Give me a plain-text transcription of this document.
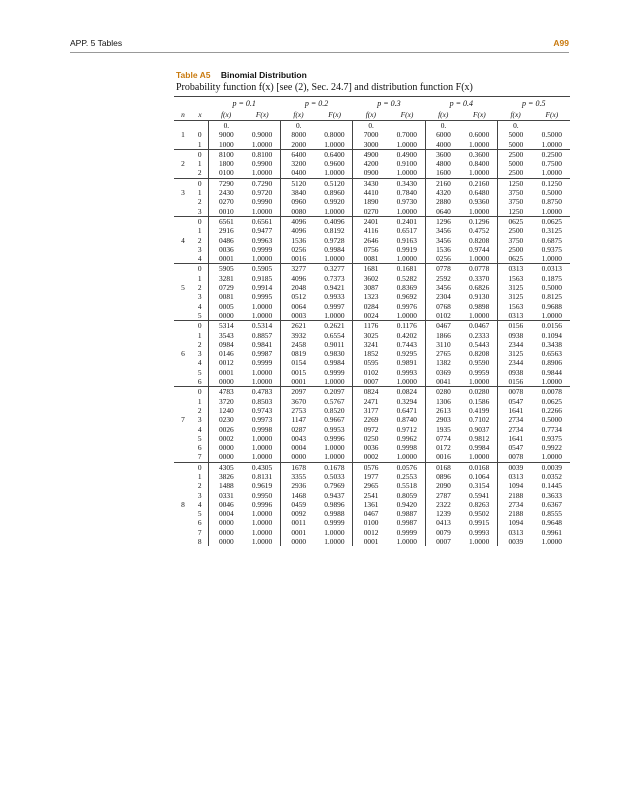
APP. 5 Tables	A99
Table A5 Binomial Distribution
Probability function f(x) [see (2), Sec. 24.7] and distribution function F(x)
		p = 0.1		p = 0.2		p = 0.3		p = 0.4		p = 0.5	
n	x	f(x)	F(x)	f(x)	F(x)	f(x)	F(x)	f(x)	F(x)	f(x)	F(x)
		0.		0.		0.		0.		0.	
1	0	9000	0.9000	8000	0.8000	7000	0.7000	6000	0.6000	5000	0.5000
	1	1000	1.0000	2000	1.0000	3000	1.0000	4000	1.0000	5000	1.0000
	0	8100	0.8100	6400	0.6400	4900	0.4900	3600	0.3600	2500	0.2500
2	1	1800	0.9900	3200	0.9600	4200	0.9100	4800	0.8400	5000	0.7500
	2	0100	1.0000	0400	1.0000	0900	1.0000	1600	1.0000	2500	1.0000
	0	7290	0.7290	5120	0.5120	3430	0.3430	2160	0.2160	1250	0.1250
3	1	2430	0.9720	3840	0.8960	4410	0.7840	4320	0.6480	3750	0.5000
	2	0270	0.9990	0960	0.9920	1890	0.9730	2880	0.9360	3750	0.8750
	3	0010	1.0000	0080	1.0000	0270	1.0000	0640	1.0000	1250	1.0000
	0	6561	0.6561	4096	0.4096	2401	0.2401	1296	0.1296	0625	0.0625
	1	2916	0.9477	4096	0.8192	4116	0.6517	3456	0.4752	2500	0.3125
4	2	0486	0.9963	1536	0.9728	2646	0.9163	3456	0.8208	3750	0.6875
	3	0036	0.9999	0256	0.9984	0756	0.9919	1536	0.9744	2500	0.9375
	4	0001	1.0000	0016	1.0000	0081	1.0000	0256	1.0000	0625	1.0000
	0	5905	0.5905	3277	0.3277	1681	0.1681	0778	0.0778	0313	0.0313
	1	3281	0.9185	4096	0.7373	3602	0.5282	2592	0.3370	1563	0.1875
5	2	0729	0.9914	2048	0.9421	3087	0.8369	3456	0.6826	3125	0.5000
	3	0081	0.9995	0512	0.9933	1323	0.9692	2304	0.9130	3125	0.8125
	4	0005	1.0000	0064	0.9997	0284	0.9976	0768	0.9898	1563	0.9688
	5	0000	1.0000	0003	1.0000	0024	1.0000	0102	1.0000	0313	1.0000
	0	5314	0.5314	2621	0.2621	1176	0.1176	0467	0.0467	0156	0.0156
	1	3543	0.8857	3932	0.6554	3025	0.4202	1866	0.2333	0938	0.1094
	2	0984	0.9841	2458	0.9011	3241	0.7443	3110	0.5443	2344	0.3438
6	3	0146	0.9987	0819	0.9830	1852	0.9295	2765	0.8208	3125	0.6563
	4	0012	0.9999	0154	0.9984	0595	0.9891	1382	0.9590	2344	0.8906
	5	0001	1.0000	0015	0.9999	0102	0.9993	0369	0.9959	0938	0.9844
	6	0000	1.0000	0001	1.0000	0007	1.0000	0041	1.0000	0156	1.0000
	0	4783	0.4783	2097	0.2097	0824	0.0824	0280	0.0280	0078	0.0078
	1	3720	0.8503	3670	0.5767	2471	0.3294	1306	0.1586	0547	0.0625
	2	1240	0.9743	2753	0.8520	3177	0.6471	2613	0.4199	1641	0.2266
7	3	0230	0.9973	1147	0.9667	2269	0.8740	2903	0.7102	2734	0.5000
	4	0026	0.9998	0287	0.9953	0972	0.9712	1935	0.9037	2734	0.7734
	5	0002	1.0000	0043	0.9996	0250	0.9962	0774	0.9812	1641	0.9375
	6	0000	1.0000	0004	1.0000	0036	0.9998	0172	0.9984	0547	0.9922
	7	0000	1.0000	0000	1.0000	0002	1.0000	0016	1.0000	0078	1.0000
	0	4305	0.4305	1678	0.1678	0576	0.0576	0168	0.0168	0039	0.0039
	1	3826	0.8131	3355	0.5033	1977	0.2553	0896	0.1064	0313	0.0352
	2	1488	0.9619	2936	0.7969	2965	0.5518	2090	0.3154	1094	0.1445
	3	0331	0.9950	1468	0.9437	2541	0.8059	2787	0.5941	2188	0.3633
8	4	0046	0.9996	0459	0.9896	1361	0.9420	2322	0.8263	2734	0.6367
	5	0004	1.0000	0092	0.9988	0467	0.9887	1239	0.9502	2188	0.8555
	6	0000	1.0000	0011	0.9999	0100	0.9987	0413	0.9915	1094	0.9648
	7	0000	1.0000	0001	1.0000	0012	0.9999	0079	0.9993	0313	0.9961
	8	0000	1.0000	0000	1.0000	0001	1.0000	0007	1.0000	0039	1.0000
